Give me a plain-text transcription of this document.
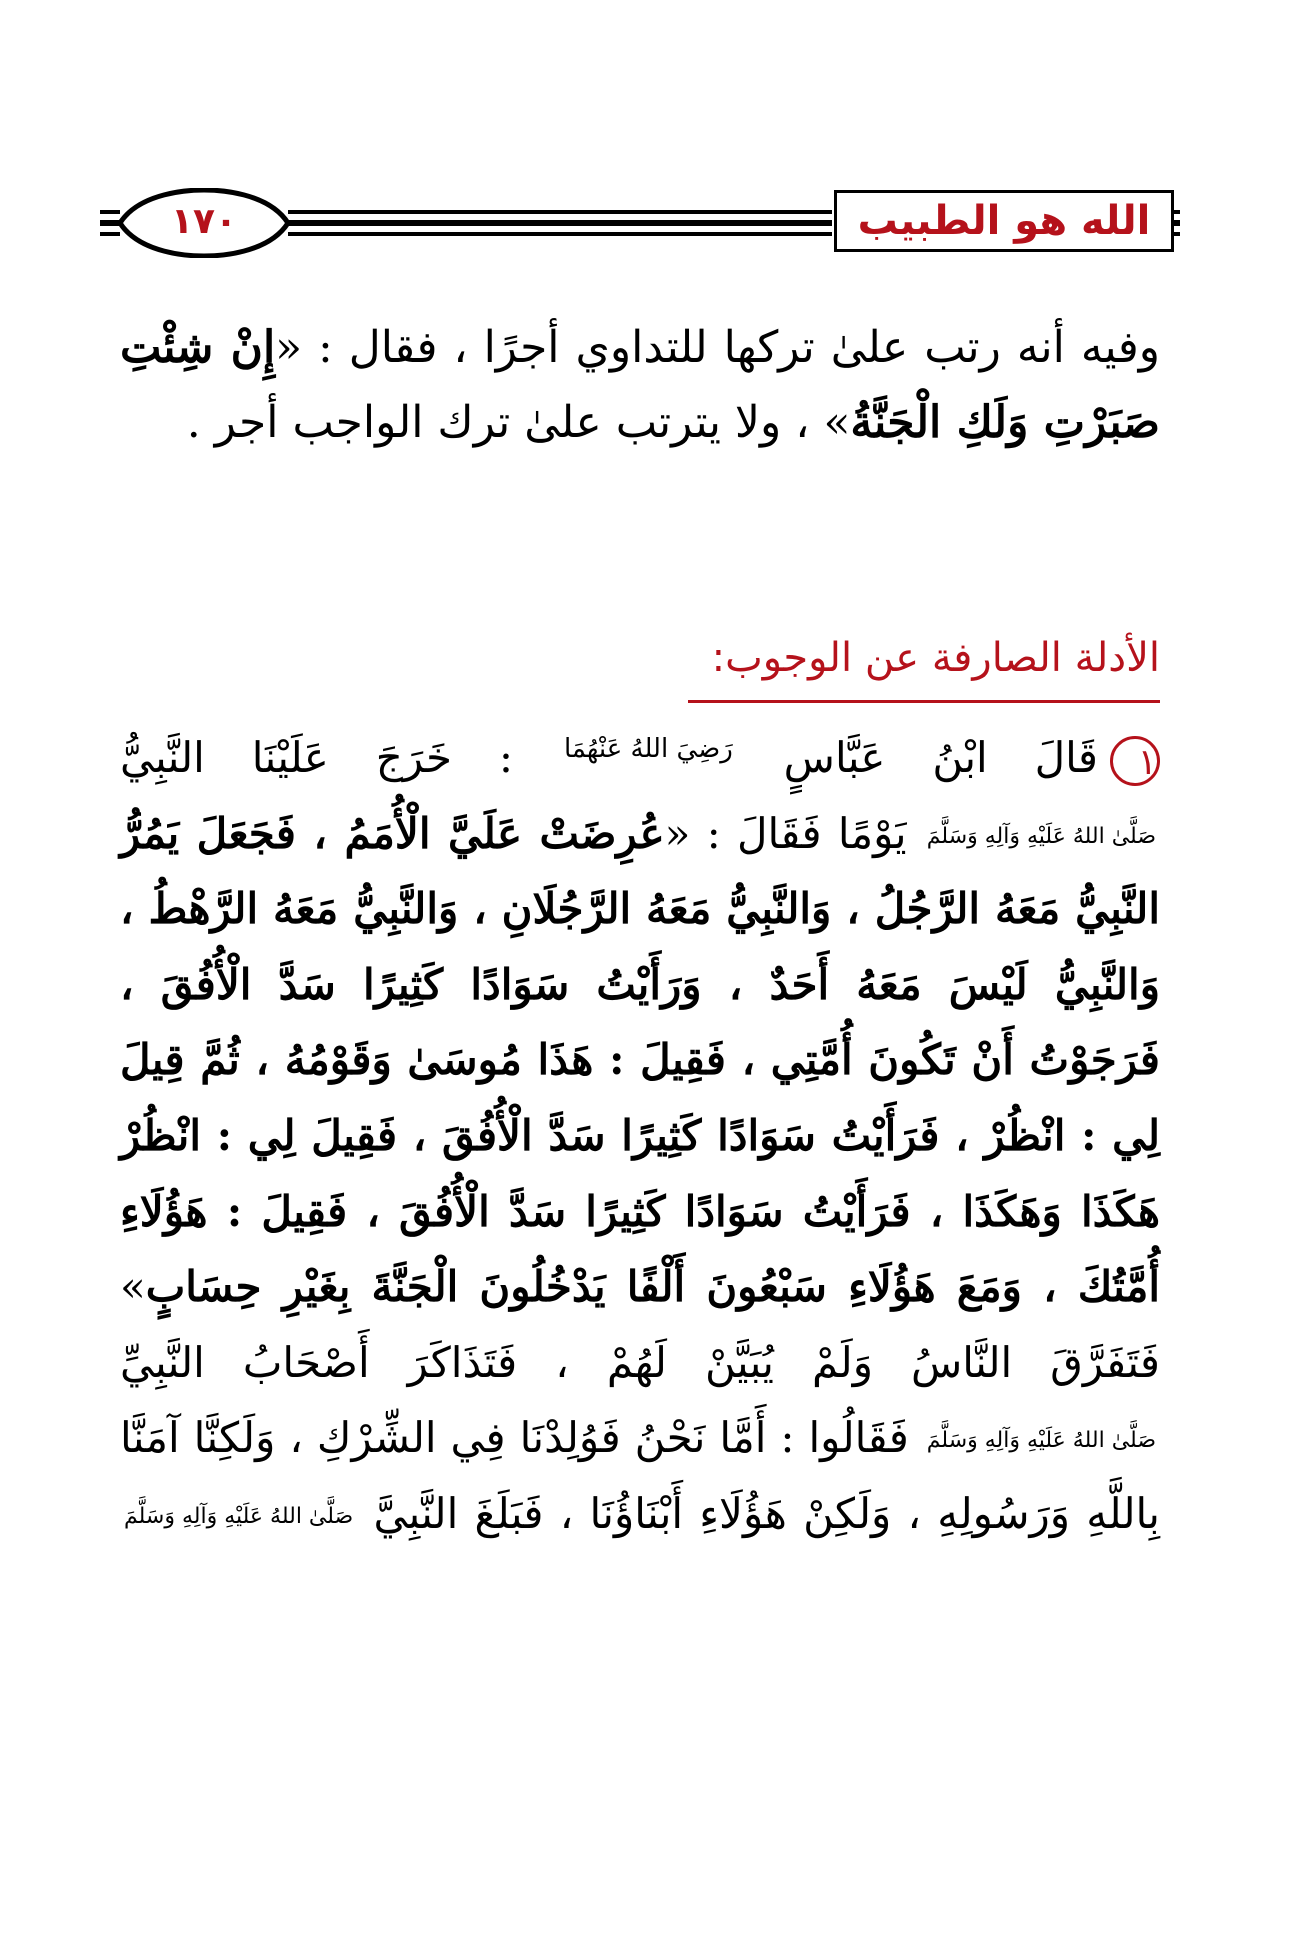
١٧٠	الله هو الطبيب

وفيه أنه رتب علىٰ تركها للتداوي أجرًا ، فقال : «إِنْ شِئْتِ صَبَرْتِ وَلَكِ الْجَنَّةُ» ، ولا يترتب علىٰ ترك الواجب أجر .

الأدلة الصارفة عن الوجوب:

١قَالَ ابْنُ عَبَّاسٍ رَضِيَ اللهُ عَنْهُمَا : خَرَجَ عَلَيْنَا النَّبِيُّ صَلَّىٰ اللهُ عَلَيْهِ وَآلِهِ وَسَلَّمَ يَوْمًا فَقَالَ : «عُرِضَتْ عَلَيَّ الْأُمَمُ ، فَجَعَلَ يَمُرُّ النَّبِيُّ مَعَهُ الرَّجُلُ ، وَالنَّبِيُّ مَعَهُ الرَّجُلَانِ ، وَالنَّبِيُّ مَعَهُ الرَّهْطُ ، وَالنَّبِيُّ لَيْسَ مَعَهُ أَحَدٌ ، وَرَأَيْتُ سَوَادًا كَثِيرًا سَدَّ الْأُفُقَ ، فَرَجَوْتُ أَنْ تَكُونَ أُمَّتِي ، فَقِيلَ : هَذَا مُوسَىٰ وَقَوْمُهُ ، ثُمَّ قِيلَ لِي : انْظُرْ ، فَرَأَيْتُ سَوَادًا كَثِيرًا سَدَّ الْأُفُقَ ، فَقِيلَ لِي : انْظُرْ هَكَذَا وَهَكَذَا ، فَرَأَيْتُ سَوَادًا كَثِيرًا سَدَّ الْأُفُقَ ، فَقِيلَ : هَؤُلَاءِ أُمَّتُكَ ، وَمَعَ هَؤُلَاءِ سَبْعُونَ أَلْفًا يَدْخُلُونَ الْجَنَّةَ بِغَيْرِ حِسَابٍ» فَتَفَرَّقَ النَّاسُ وَلَمْ يُبَيَّنْ لَهُمْ ، فَتَذَاكَرَ أَصْحَابُ النَّبِيِّ صَلَّىٰ اللهُ عَلَيْهِ وَآلِهِ وَسَلَّمَ فَقَالُوا : أَمَّا نَحْنُ فَوُلِدْنَا فِي الشِّرْكِ ، وَلَكِنَّا آمَنَّا بِاللَّهِ وَرَسُولِهِ ، وَلَكِنْ هَؤُلَاءِ أَبْنَاؤُنَا ، فَبَلَغَ النَّبِيَّ صَلَّىٰ اللهُ عَلَيْهِ وَآلِهِ وَسَلَّمَ
